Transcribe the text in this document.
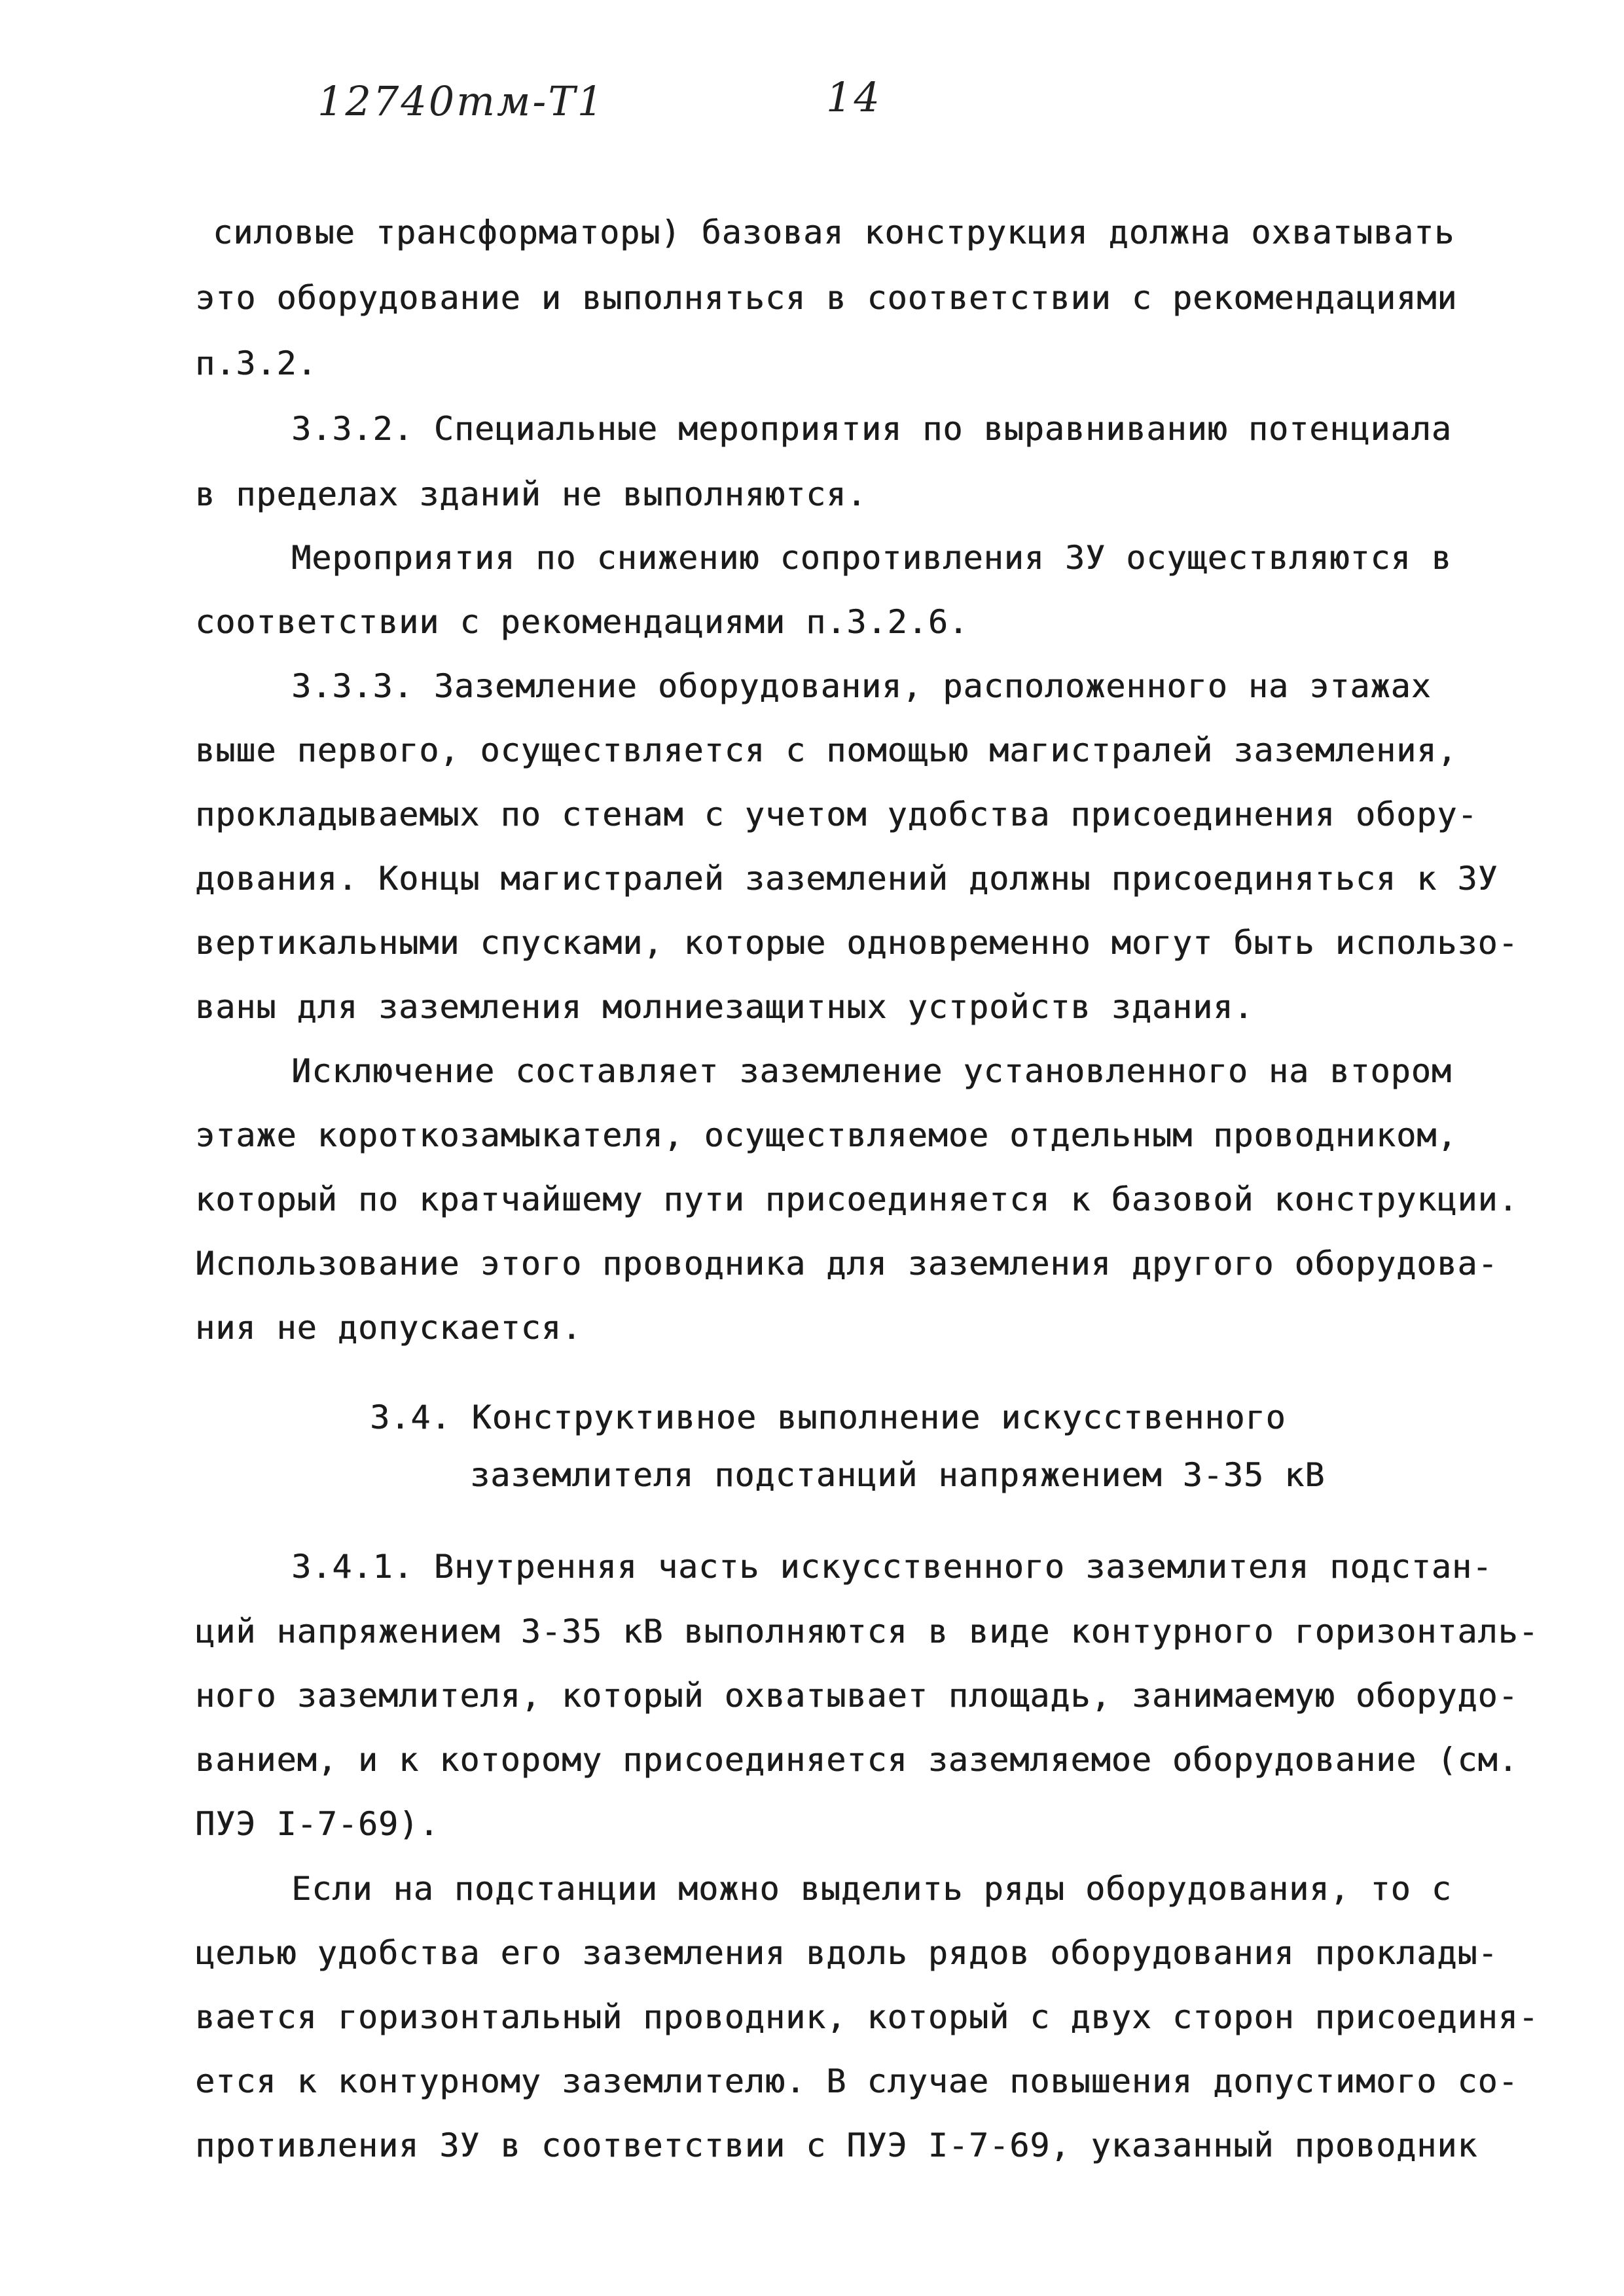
12740тм-Т1	14
силовые трансформаторы) базовая конструкция должна охватывать
это оборудование и выполняться в соответствии с рекомендациями
п.3.2.
3.3.2. Специальные мероприятия по выравниванию потенциала
в пределах зданий не выполняются.
Мероприятия по снижению сопротивления ЗУ осуществляются в
соответствии с рекомендациями п.3.2.6.
3.3.3. Заземление оборудования, расположенного на этажах
выше первого, осуществляется с помощью магистралей заземления,
прокладываемых по стенам с учетом удобства присоединения обору-
дования. Концы магистралей заземлений должны присоединяться к ЗУ
вертикальными спусками, которые одновременно могут быть использо-
ваны для заземления молниезащитных устройств здания.
Исключение составляет заземление установленного на втором
этаже короткозамыкателя, осуществляемое отдельным проводником,
который по кратчайшему пути присоединяется к базовой конструкции.
Использование этого проводника для заземления другого оборудова-
ния не допускается.
3.4. Конструктивное выполнение искусственного
заземлителя подстанций напряжением 3-35 кВ
3.4.1. Внутренняя часть искусственного заземлителя подстан-
ций напряжением 3-35 кВ выполняются в виде контурного горизонталь-
ного заземлителя, который охватывает площадь, занимаемую оборудо-
ванием, и к которому присоединяется заземляемое оборудование (см.
ПУЭ I-7-69).
Если на подстанции можно выделить ряды оборудования, то с
целью удобства его заземления вдоль рядов оборудования проклады-
вается горизонтальный проводник, который с двух сторон присоединя-
ется к контурному заземлителю. В случае повышения допустимого со-
противления ЗУ в соответствии с ПУЭ I-7-69, указанный проводник
